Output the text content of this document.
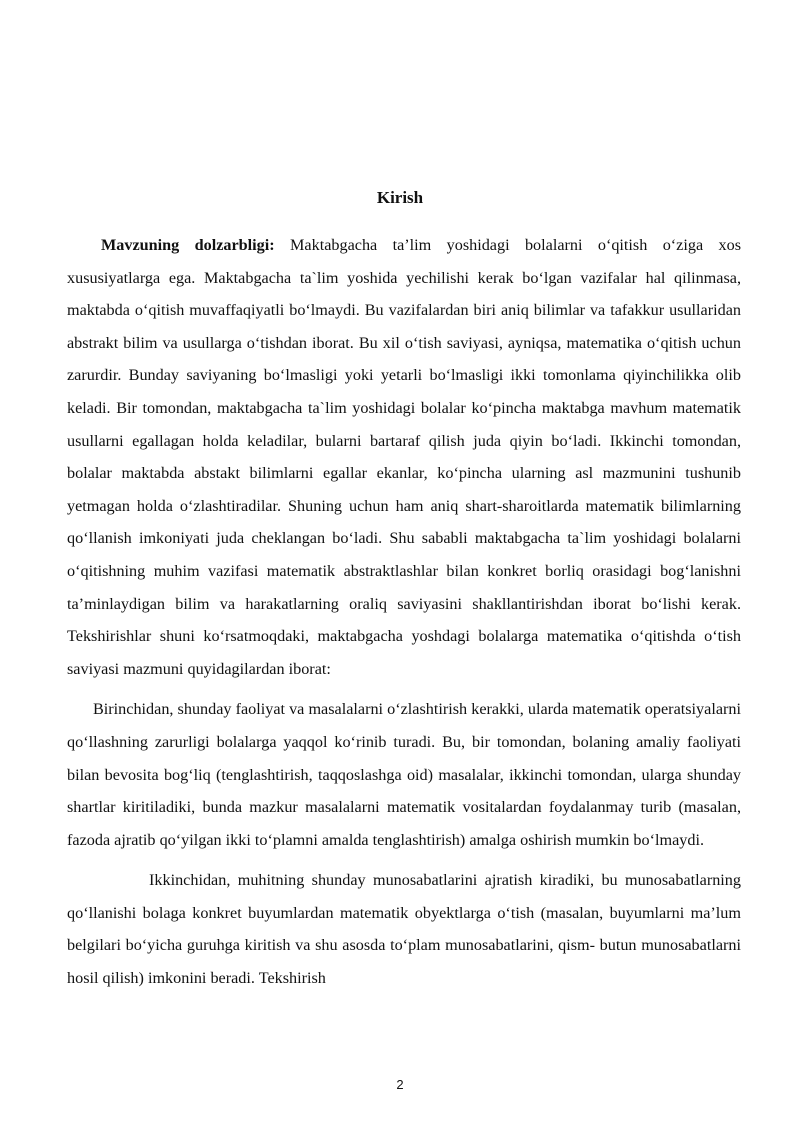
Kirish

Mavzuning dolzarbligi: Maktabgacha ta’lim yoshidagi bolalarni o‘qitish o‘ziga xos xususiyatlarga ega. Maktabgacha ta`lim yoshida yechilishi kerak bo‘lgan vazifalar hal qilinmasa, maktabda o‘qitish muvaffaqiyatli bo‘lmaydi. Bu vazifalardan biri aniq bilimlar va tafakkur usullaridan abstrakt bilim va usullarga o‘tishdan iborat. Bu xil o‘tish saviyasi, ayniqsa, matematika o‘qitish uchun zarurdir. Bunday saviyaning bo‘lmasligi yoki yetarli bo‘lmasligi ikki tomonlama qiyinchilikka olib keladi. Bir tomondan, maktabgacha ta`lim yoshidagi bolalar ko‘pincha maktabga mavhum matematik usullarni egallagan holda keladilar, bularni bartaraf qilish juda qiyin bo‘ladi. Ikkinchi tomondan, bolalar maktabda abstakt bilimlarni egallar ekanlar, ko‘pincha ularning asl mazmunini tushunib yetmagan holda o‘zlashtiradilar. Shuning uchun ham aniq shart-sharoitlarda matematik bilimlarning qo‘llanish imkoniyati juda cheklangan bo‘ladi. Shu sababli maktabgacha ta`lim yoshidagi bolalarni o‘qitishning muhim vazifasi matematik abstraktlashlar bilan konkret borliq orasidagi bog‘lanishni ta’minlaydigan bilim va harakatlarning oraliq saviyasini shakllantirishdan iborat bo‘lishi kerak. Tekshirishlar shuni ko‘rsatmoqdaki, maktabgacha yoshdagi bolalarga matematika o‘qitishda o‘tish saviyasi mazmuni quyidagilardan iborat:

Birinchidan, shunday faoliyat va masalalarni o‘zlashtirish kerakki, ularda matematik operatsiyalarni qo‘llashning zarurligi bolalarga yaqqol ko‘rinib turadi. Bu, bir tomondan, bolaning amaliy faoliyati bilan bevosita bog‘liq (tenglashtirish, taqqoslashga oid) masalalar, ikkinchi tomondan, ularga shunday shartlar kiritiladiki, bunda mazkur masalalarni matematik vositalardan foydalanmay turib (masalan, fazoda ajratib qo‘yilgan ikki to‘plamni amalda tenglashtirish) amalga oshirish mumkin bo‘lmaydi.

Ikkinchidan, muhitning shunday munosabatlarini ajratish kiradiki, bu munosabatlarning qo‘llanishi bolaga konkret buyumlardan matematik obyektlarga o‘tish (masalan, buyumlarni ma’lum belgilari bo‘yicha guruhga kiritish va shu asosda to‘plam munosabatlarini, qism- butun munosabatlarni hosil qilish) imkonini beradi. Tekshirish

2
